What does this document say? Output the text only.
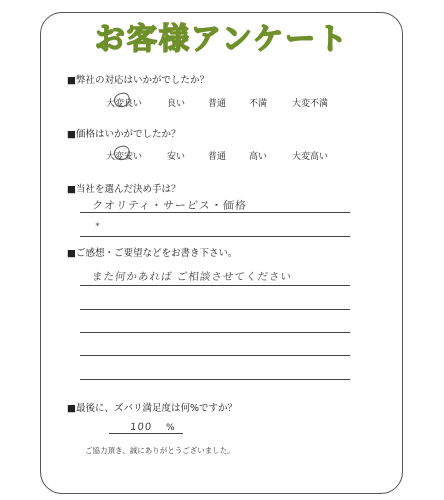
お客様アンケート
■弊社の対応はいかがでしたか？
大変良い	良い	普通	不満	大変不満
■価格はいかがでしたか？
大変安い	安い	普通	高い	大変高い
■当社を選んだ決め手は？
クオリティ・サービス・価格
*
■ご感想・ご要望などをお書き下さい。
また何かあれば ご相談させてください
■最後に、ズバリ満足度は何%ですか？
100 %
ご協力頂き、誠にありがとうございました。
